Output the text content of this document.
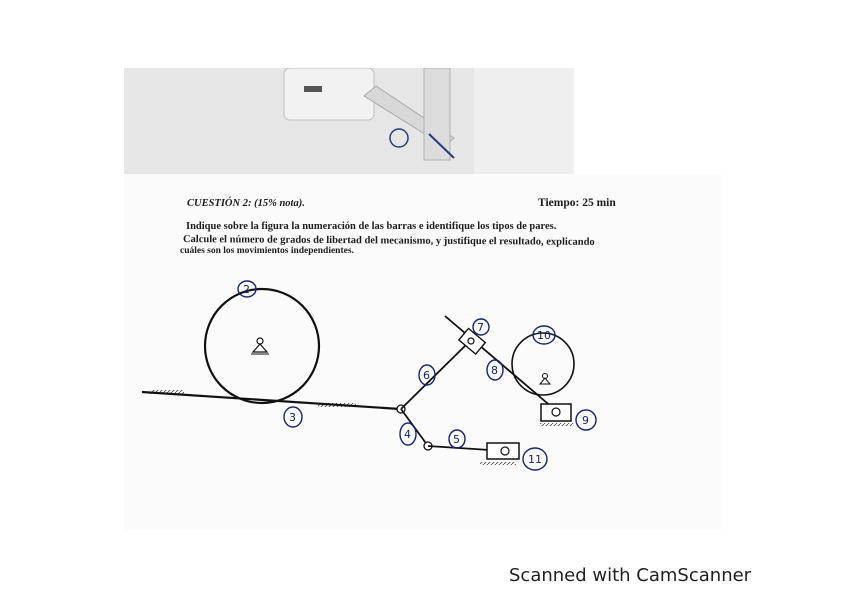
CUESTIÓN 2: (15% nota).	Tiempo: 25 min
Indique sobre la figura la numeración de las barras e identifique los tipos de pares.
Calcule el número de grados de libertad del mecanismo, y justifique el resultado, explicando
cuáles son los movimientos independientes.
2
3
6
7
8
10
9
4	5
11
Scanned with CamScanner
